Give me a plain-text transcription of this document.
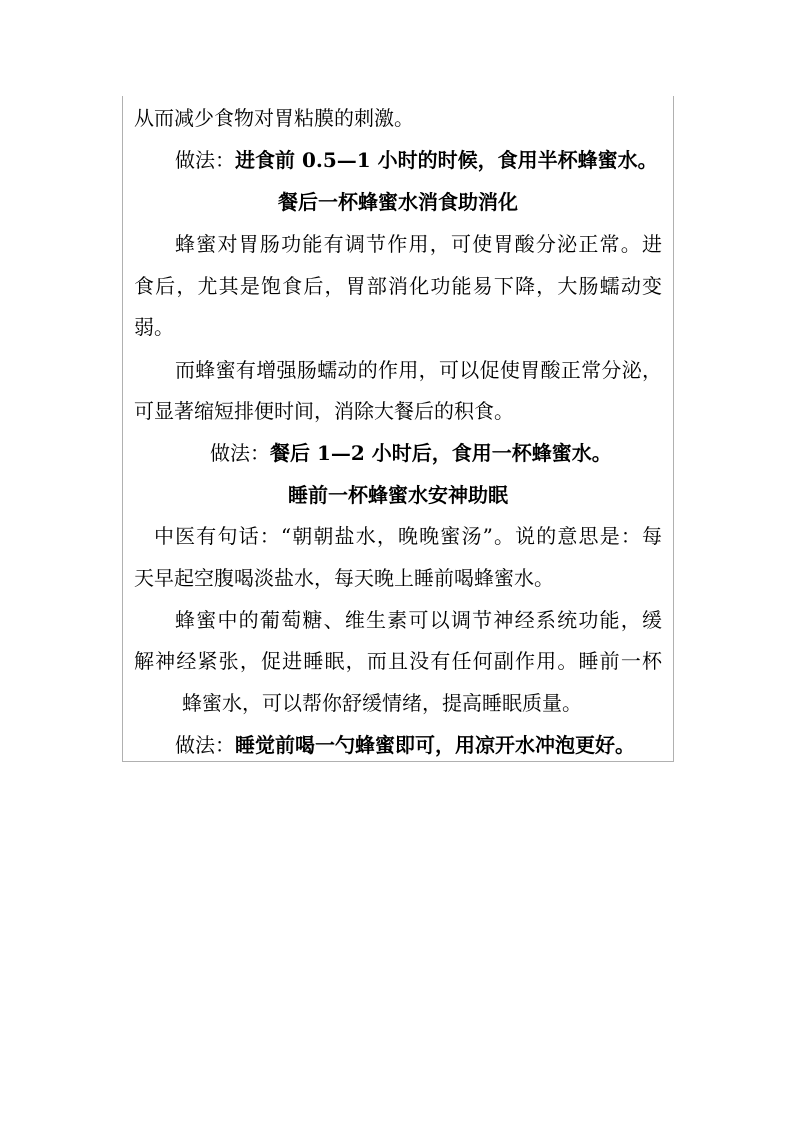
从而减少食物对胃粘膜的刺激。
做法：进食前 0.5—1 小时的时候，食用半杯蜂蜜水。
餐后一杯蜂蜜水消食助消化
蜂蜜对胃肠功能有调节作用，可使胃酸分泌正常。进
食后，尤其是饱食后，胃部消化功能易下降，大肠蠕动变
弱。
而蜂蜜有增强肠蠕动的作用，可以促使胃酸正常分泌，
可显著缩短排便时间，消除大餐后的积食。
做法：餐后 1—2 小时后，食用一杯蜂蜜水。
睡前一杯蜂蜜水安神助眠
中医有句话：“朝朝盐水，晚晚蜜汤”。说的意思是：每
天早起空腹喝淡盐水，每天晚上睡前喝蜂蜜水。
蜂蜜中的葡萄糖、维生素可以调节神经系统功能，缓
解神经紧张，促进睡眠，而且没有任何副作用。睡前一杯
蜂蜜水，可以帮你舒缓情绪，提高睡眠质量。
做法：睡觉前喝一勺蜂蜜即可，用凉开水冲泡更好。
